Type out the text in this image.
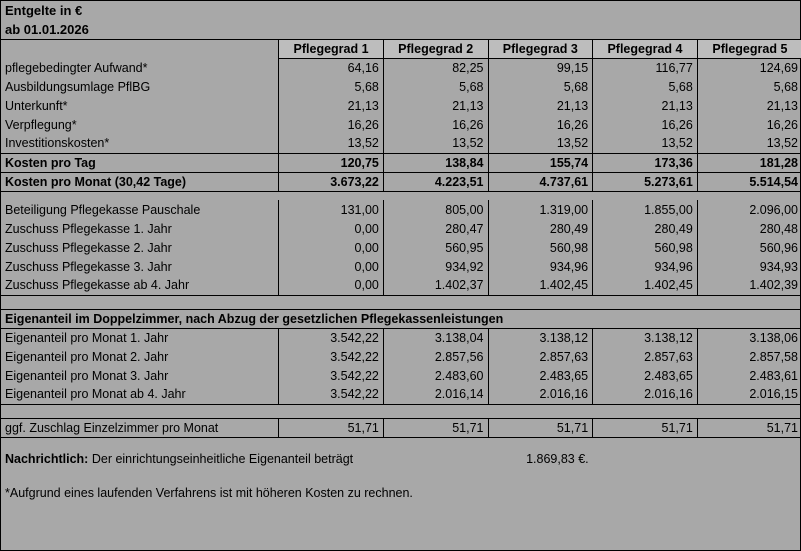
Entgelte in €					
ab 01.01.2026					
	Pflegegrad 1	Pflegegrad 2	Pflegegrad 3	Pflegegrad 4	Pflegegrad 5
pflegebedingter Aufwand*	64,16	82,25	99,15	116,77	124,69
Ausbildungsumlage PflBG	5,68	5,68	5,68	5,68	5,68
Unterkunft*	21,13	21,13	21,13	21,13	21,13
Verpflegung*	16,26	16,26	16,26	16,26	16,26
Investitionskosten*	13,52	13,52	13,52	13,52	13,52
Kosten pro Tag	120,75	138,84	155,74	173,36	181,28
Kosten pro Monat (30,42 Tage)	3.673,22	4.223,51	4.737,61	5.273,61	5.514,54

Beteiligung Pflegekasse Pauschale	131,00	805,00	1.319,00	1.855,00	2.096,00
Zuschuss Pflegekasse 1. Jahr	0,00	280,47	280,49	280,49	280,48
Zuschuss Pflegekasse 2. Jahr	0,00	560,95	560,98	560,98	560,96
Zuschuss Pflegekasse 3. Jahr	0,00	934,92	934,96	934,96	934,93
Zuschuss Pflegekasse ab 4. Jahr	0,00	1.402,37	1.402,45	1.402,45	1.402,39

Eigenanteil im Doppelzimmer, nach Abzug der gesetzlichen Pflegekassenleistungen					
Eigenanteil pro Monat 1. Jahr	3.542,22	3.138,04	3.138,12	3.138,12	3.138,06
Eigenanteil pro Monat 2. Jahr	3.542,22	2.857,56	2.857,63	2.857,63	2.857,58
Eigenanteil pro Monat 3. Jahr	3.542,22	2.483,60	2.483,65	2.483,65	2.483,61
Eigenanteil pro Monat ab 4. Jahr	3.542,22	2.016,14	2.016,16	2.016,16	2.016,15

ggf. Zuschlag Einzelzimmer pro Monat	51,71	51,71	51,71	51,71	51,71

Nachrichtlich: Der einrichtungseinheitliche Eigenanteil beträgt			1.869,83 €.		

*Aufgrund eines laufenden Verfahrens ist mit höheren Kosten zu rechnen.					
